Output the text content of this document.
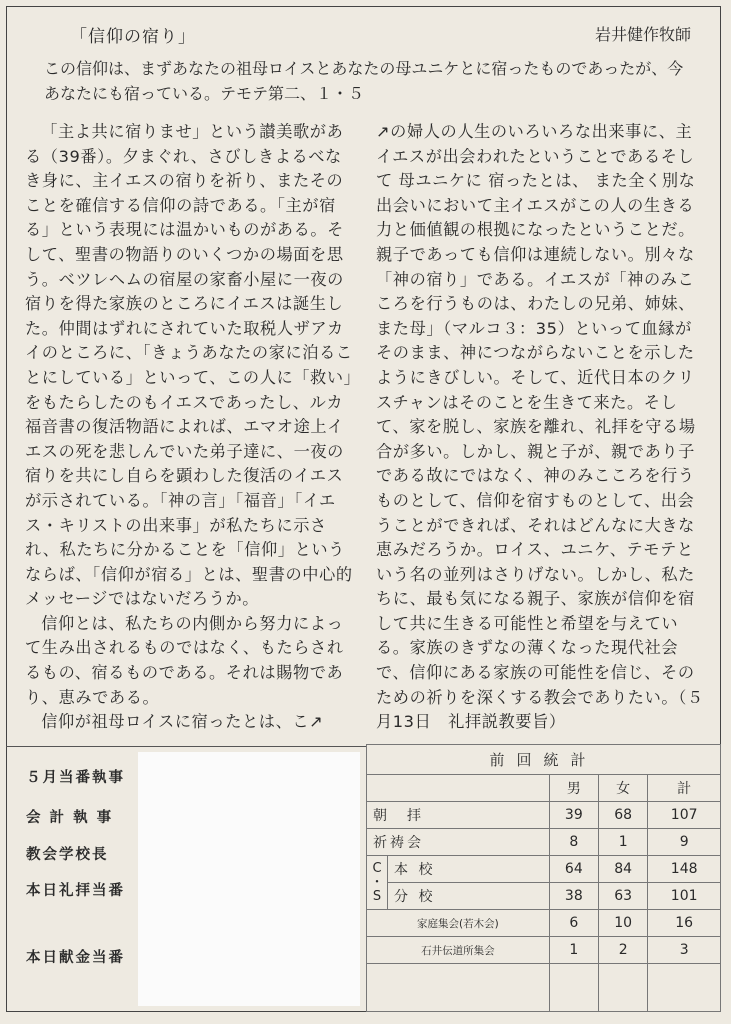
「信仰の宿り」	岩井健作牧師
この信仰は、まずあなたの祖母ロイスとあなたの母ユニケとに宿ったものであったが、今あなたにも宿っている。テモテ第二、１・５

「主よ共に宿りませ」という讃美歌がある（39番）。夕まぐれ、さびしきよるべなき身に、主イエスの宿りを祈り、またそのことを確信する信仰の詩である。「主が宿る」という表現には温かいものがある。そして、聖書の物語りのいくつかの場面を思う。ベツレヘムの宿屋の家畜小屋に一夜の宿りを得た家族のところにイエスは誕生した。仲間はずれにされていた取税人ザアカイのところに、「きょうあなたの家に泊ることにしている」といって、この人に「救い」をもたらしたのもイエスであったし、ルカ福音書の復活物語によれば、エマオ途上イエスの死を悲しんでいた弟子達に、一夜の宿りを共にし自らを顕わした復活のイエスが示されている。「神の言」「福音」「イエス・キリストの出来事」が私たちに示され、私たちに分かることを「信仰」というならば、「信仰が宿る」とは、聖書の中心的メッセージではないだろうか。

信仰とは、私たちの内側から努力によって生み出されるものではなく、もたらされるもの、宿るものである。それは賜物であり、恵みである。

信仰が祖母ロイスに宿ったとは、こ↗

↗の婦人の人生のいろいろな出来事に、主イエスが出会われたということであるそして 母ユニケに 宿ったとは、 また全く別な出会いにおいて主イエスがこの人の生きる力と価値観の根拠になったということだ。親子であっても信仰は連続しない。別々な「神の宿り」である。イエスが「神のみこころを行うものは、わたしの兄弟、姉妹、また母」（マルコ３：35）といって血縁がそのまま、神につながらないことを示したようにきびしい。そして、近代日本のクリスチャンはそのことを生きて来た。そして、家を脱し、家族を離れ、礼拝を守る場合が多い。しかし、親と子が、親であり子である故にではなく、神のみこころを行うものとして、信仰を宿すものとして、出会うことができれば、それはどんなに大きな恵みだろうか。ロイス、ユニケ、テモテという名の並列はさりげない。しかし、私たちに、最も気になる親子、家族が信仰を宿して共に生きる可能性と希望を与えている。家族のきずなの薄くなった現代社会で、信仰にある家族の可能性を信じ、そのための祈りを深くする教会でありたい。（５月13日　礼拝説教要旨）

５月当番執事
会 計 執 事
教会学校長
本日礼拝当番
本日献金当番
前回統計				
		男	女	計
朝　拝		39	68	107
祈祷会		8	1	9

C
・
S	本 校	64	84	148
	分 校	38	63	101
家庭集会(若木会)		6	10	16
石井伝道所集会		1	2	3
